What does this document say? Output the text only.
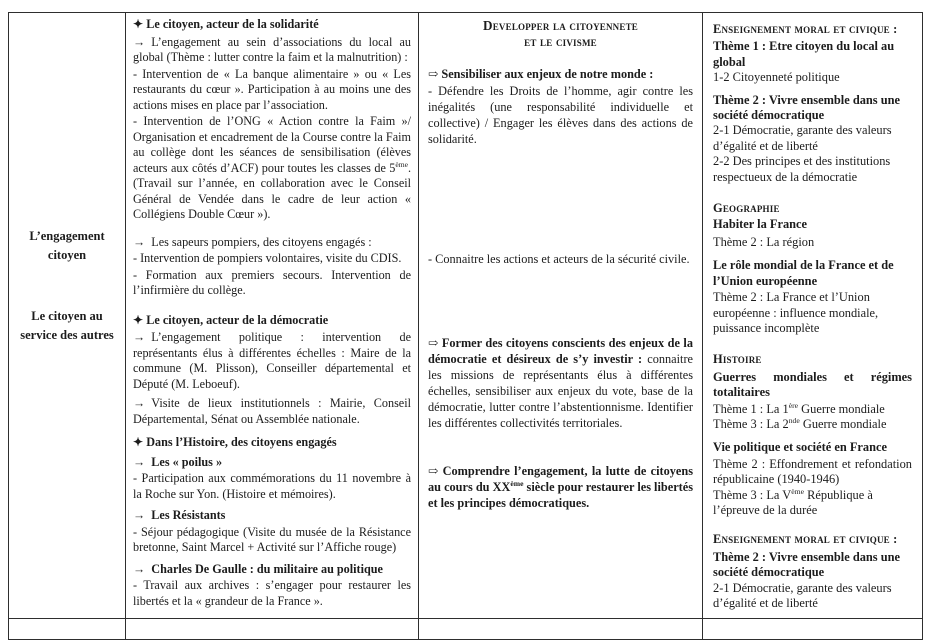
L’engagement citoyen
Le citoyen au service des autres
✦ Le citoyen, acteur de la solidarité
→ L’engagement au sein d’associations du local au global (Thème : lutter contre la faim et la malnutrition) :
- Intervention de « La banque alimentaire » ou « Les restaurants du cœur ». Participation à au moins une des actions mises en place par l’association.
- Intervention de l’ONG « Action contre la Faim »/ Organisation et encadrement de la Course contre la Faim au collège dont les séances de sensibilisation (élèves acteurs aux côtés d’ACF) pour toutes les classes de 5ème. (Travail sur l’année, en collaboration avec le Conseil Général de Vendée dans le cadre de leur action « Collégiens Double Cœur »).
→ Les sapeurs pompiers, des citoyens engagés :
- Intervention de pompiers volontaires, visite du CDIS.
- Formation aux premiers secours. Intervention de l’infirmière du collège.
✦ Le citoyen, acteur de la démocratie
→ L’engagement politique : intervention de représentants élus à différentes échelles : Maire de la commune (M. Plisson), Conseiller départemental et Député (M. Leboeuf).
→ Visite de lieux institutionnels : Mairie, Conseil Départemental, Sénat ou Assemblée nationale.
✦ Dans l’Histoire, des citoyens engagés
→ Les « poilus »
- Participation aux commémorations du 11 novembre à la Roche sur Yon. (Histoire et mémoires).
→ Les Résistants
- Séjour pédagogique (Visite du musée de la Résistance bretonne, Saint Marcel + Activité sur l’Affiche rouge)
→ Charles De Gaulle : du militaire au politique
- Travail aux archives : s’engager pour restaurer les libertés et la « grandeur de la France ».
Developper la citoyennete
et le civisme
⇨ Sensibiliser aux enjeux de notre monde :
- Défendre les Droits de l’homme, agir contre les inégalités (une responsabilité individuelle et collective) / Engager les élèves dans des actions de solidarité.
- Connaitre les actions et acteurs de la sécurité civile.
⇨ Former des citoyens conscients des enjeux de la démocratie et désireux de s’y investir : connaitre les missions de représentants élus à différentes échelles, sensibiliser aux enjeux du vote, base de la démocratie, lutter contre l’abstentionnisme. Identifier les différentes collectivités territoriales.
⇨ Comprendre l’engagement, la lutte de citoyens au cours du XXème siècle pour restaurer les libertés et les principes démocratiques.
Enseignement moral et civique :
Thème 1 : Etre citoyen du local au global
1-2 Citoyenneté politique
Thème 2 : Vivre ensemble dans une société démocratique
2-1 Démocratie, garante des valeurs d’égalité et de liberté
2-2 Des principes et des institutions respectueux de la démocratie
Geographie
Habiter la France
Thème 2 : La région
Le rôle mondial de la France et de l’Union européenne
Thème 2 : La France et l’Union européenne : influence mondiale, puissance incomplète
Histoire
Guerres mondiales et régimes totalitaires
Thème 1 : La 1ère Guerre mondiale
Thème 3 : La 2nde Guerre mondiale
Vie politique et société en France
Thème 2 : Effondrement et refondation républicaine (1940-1946)
Thème 3 : La Vème République à l’épreuve de la durée
Enseignement moral et civique :
Thème 2 : Vivre ensemble dans une société démocratique
2-1 Démocratie, garante des valeurs d’égalité et de liberté
